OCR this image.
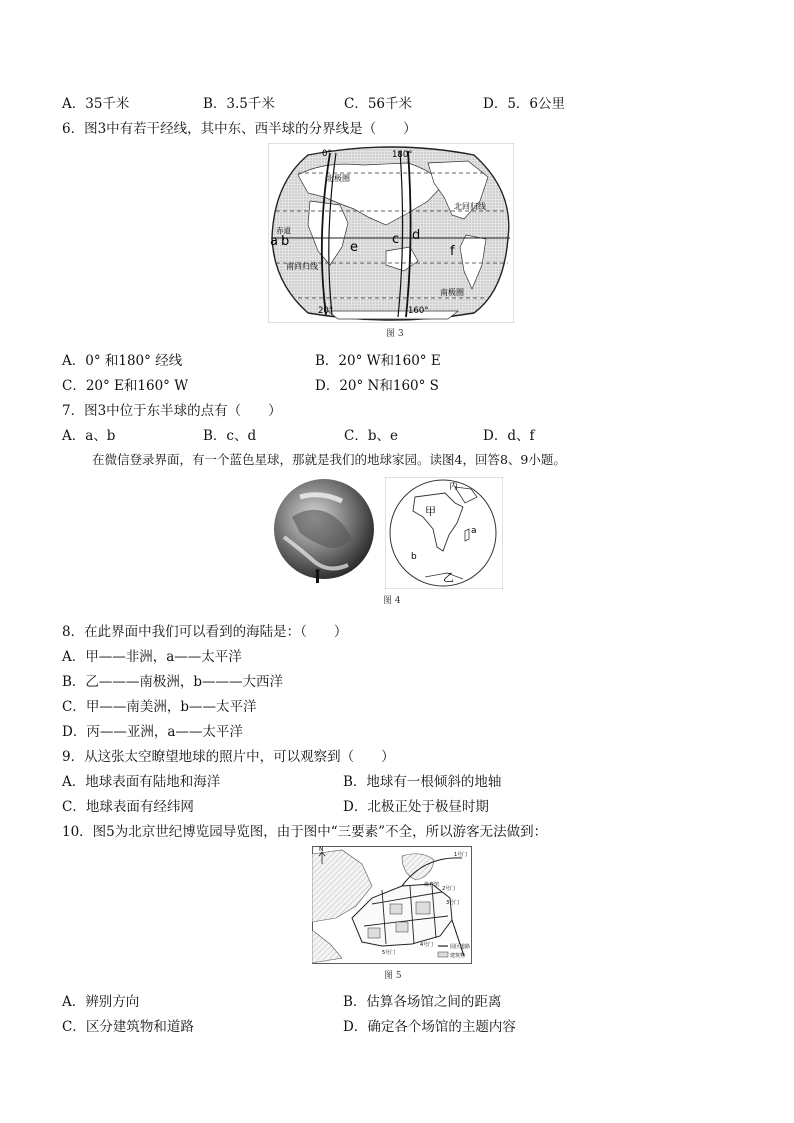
A．35千米	B．3.5千米	C．56千米	D．5．6公里
6．图3中有若干经线，其中东、西半球的分界线是（　　）
0°	180°
20°	160°
北极圈
北回归线
赤道
南回归线
南极圈
a b	c d
e	f
图 3
A．0° 和180° 经线	B．20° W和160° E
C．20° E和160° W	D．20° N和160° S
7．图3中位于东半球的点有（　　）
A．a、b	B．c、d	C．b、e	D．d、f
在微信登录界面，有一个蓝色星球，那就是我们的地球家园。读图4，回答8、9小题。
甲
乙
丙
a
b
图 4
8．在此界面中我们可以看到的海陆是：（　　）
A．甲——非洲，a——太平洋
B．乙———南极洲，b———大西洋
C．甲——南美洲，b——太平洋
D．丙——亚洲，a——太平洋
9．从这张太空瞭望地球的照片中，可以观察到（　　）
A．地球表面有陆地和海洋	B．地球有一根倾斜的地轴
C．地球表面有经纬网	D．北极正处于极昼时期
10．图5为北京世纪博览园导览图，由于图中“三要素”不全，所以游客无法做到：
N
1号门
2号门
3号门
4号门
5号门
体育馆
园区道路
建筑物
图 5
A．辨别方向	B．估算各场馆之间的距离
C．区分建筑物和道路	D．确定各个场馆的主题内容
